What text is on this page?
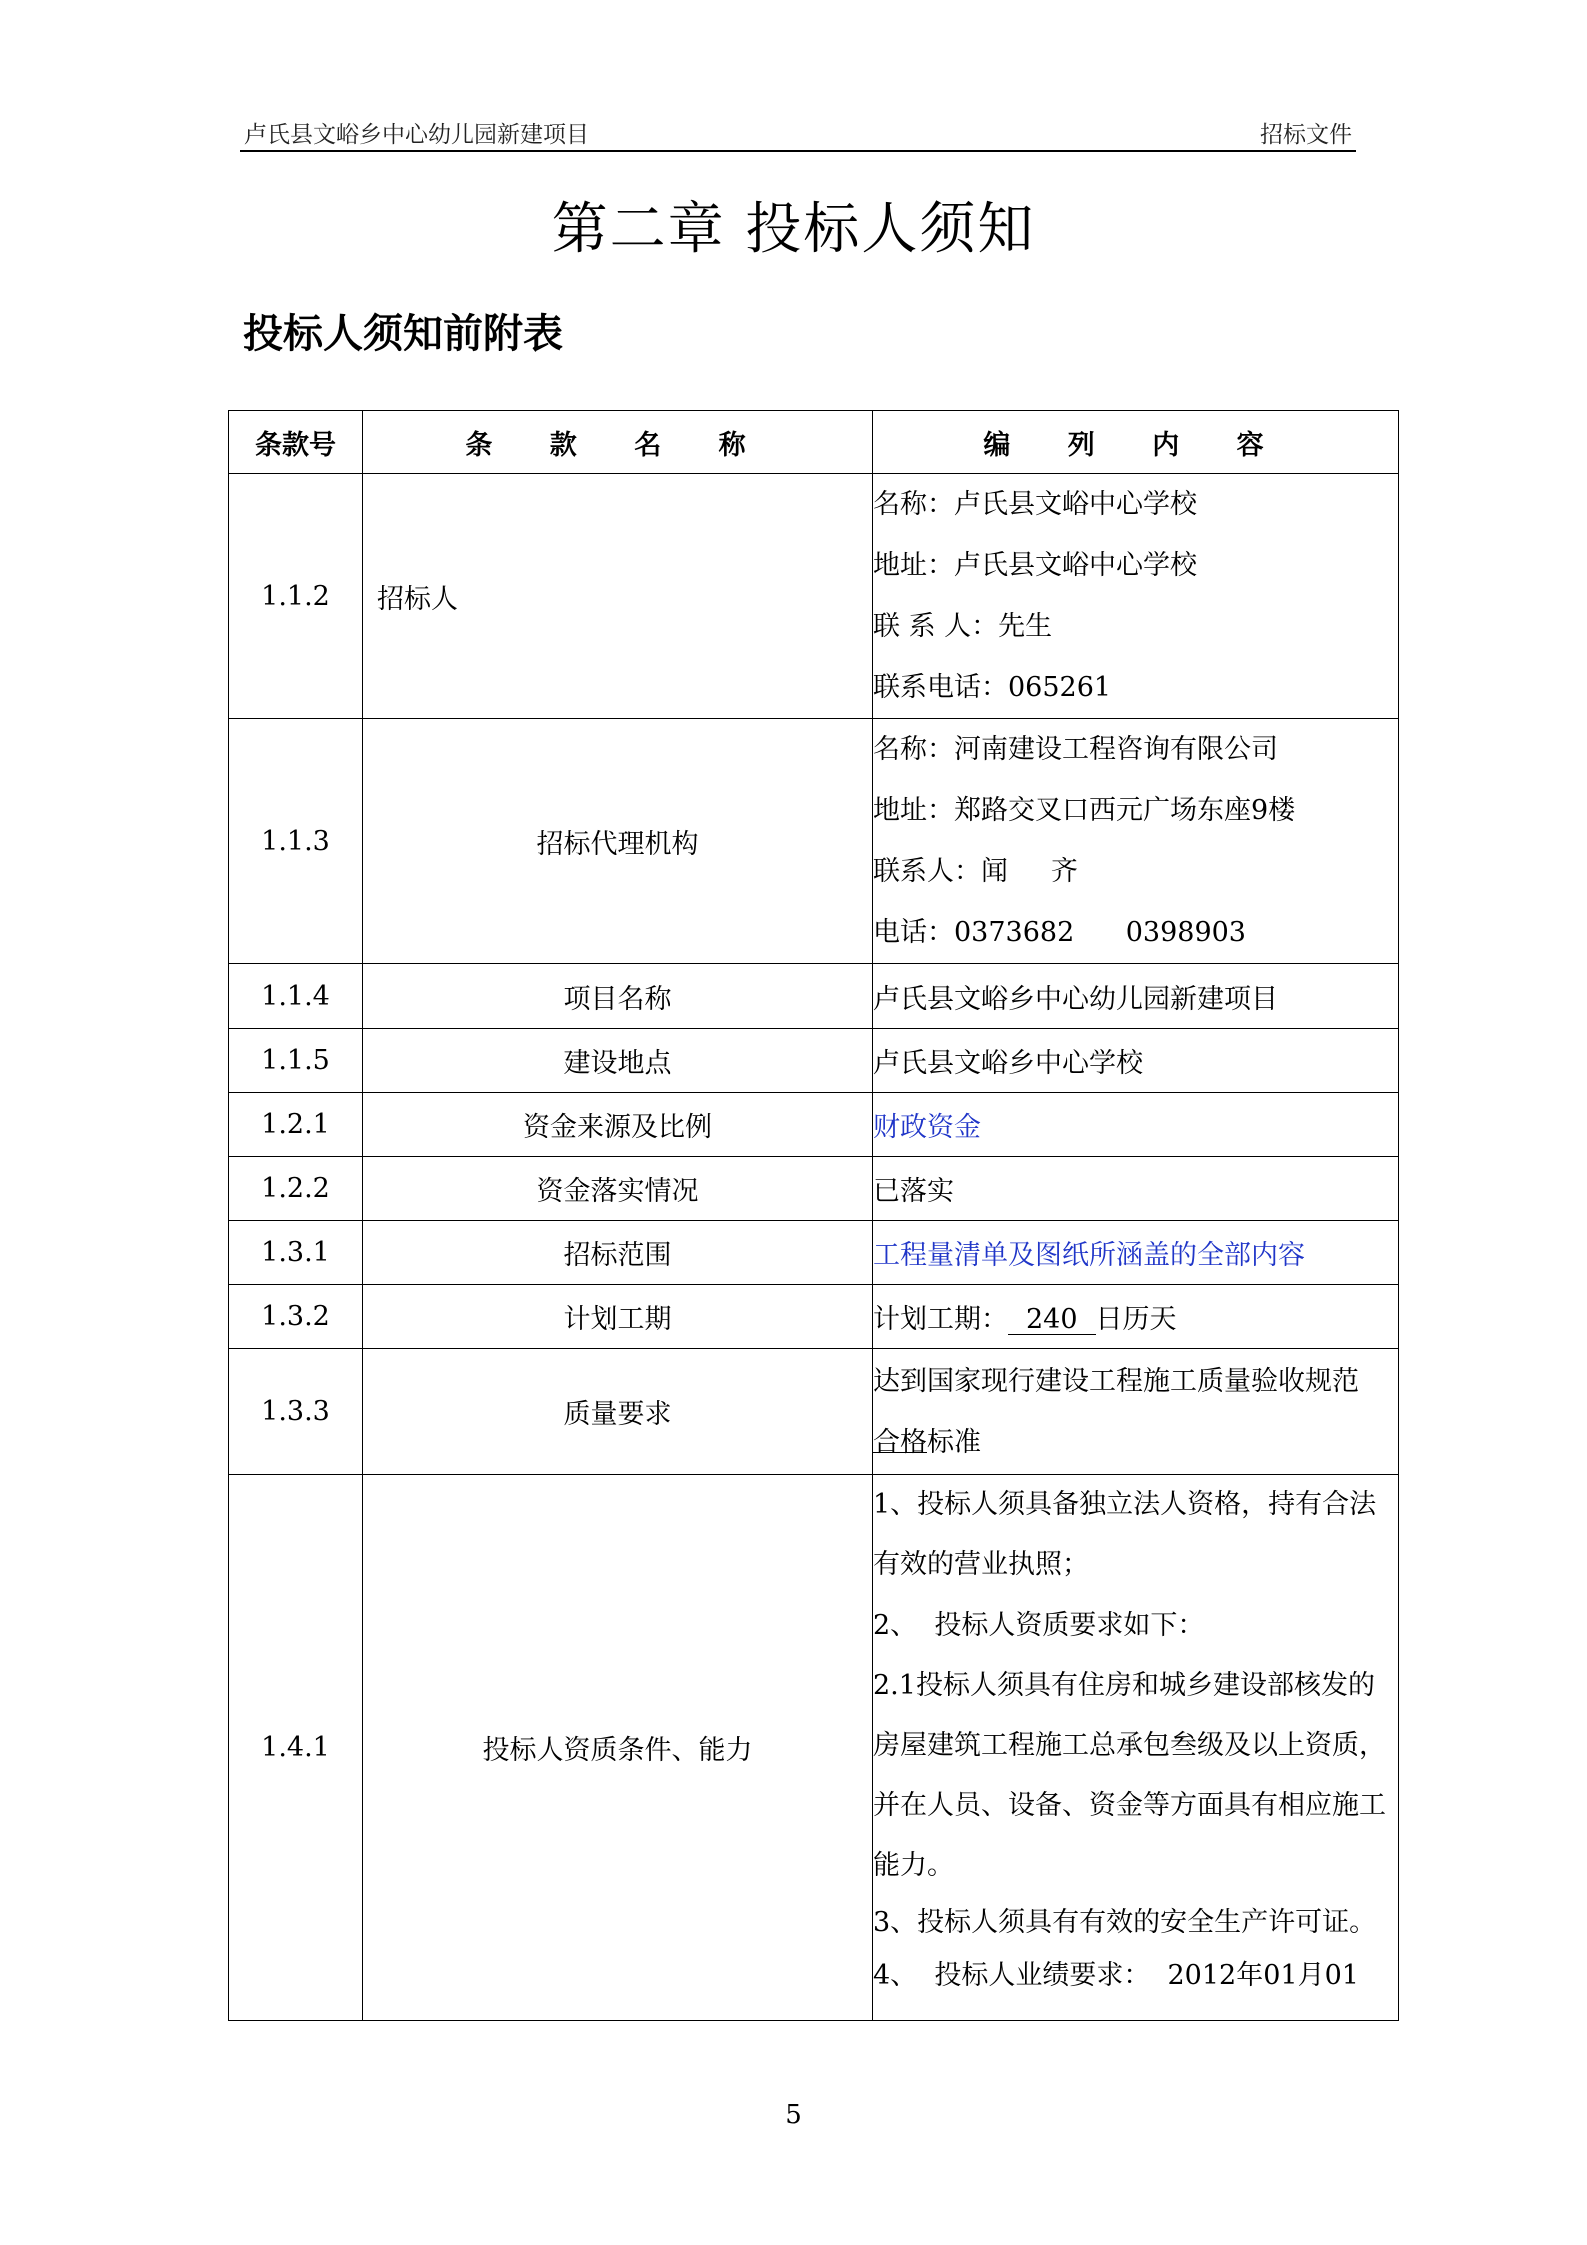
卢氏县文峪乡中心幼儿园新建项目	招标文件
第二章 投标人须知
投标人须知前附表
条款号	条 款 名 称	编 列 内 容
1.1.2	招标人	名称：卢氏县文峪中心学校
地址：卢氏县文峪中心学校
联 系 人：先生
联系电话：065261

1.1.3	招标代理机构	名称：河南建设工程咨询有限公司
地址：郑路交叉口西元广场东座9楼
联系人：闻     齐
电话：0373682      0398903

1.1.4	项目名称	卢氏县文峪乡中心幼儿园新建项目
1.1.5	建设地点	卢氏县文峪乡中心学校
1.2.1	资金来源及比例	财政资金
1.2.2	资金落实情况	已落实
1.3.1	招标范围	工程量清单及图纸所涵盖的全部内容
1.3.2	计划工期	计划工期： 240 日历天
1.3.3	质量要求	达到国家现行建设工程施工质量验收规范
合格标准

1.4.1	投标人资质条件、能力	1、投标人须具备独立法人资格，持有合法有效的营业执照；
2、  投标人资质要求如下：
2.1投标人须具有住房和城乡建设部核发的房屋建筑工程施工总承包叁级及以上资质，并在人员、设备、资金等方面具有相应施工能力。
3、投标人须具有有效的安全生产许可证。
4、  投标人业绩要求：  2012年01月01
5
